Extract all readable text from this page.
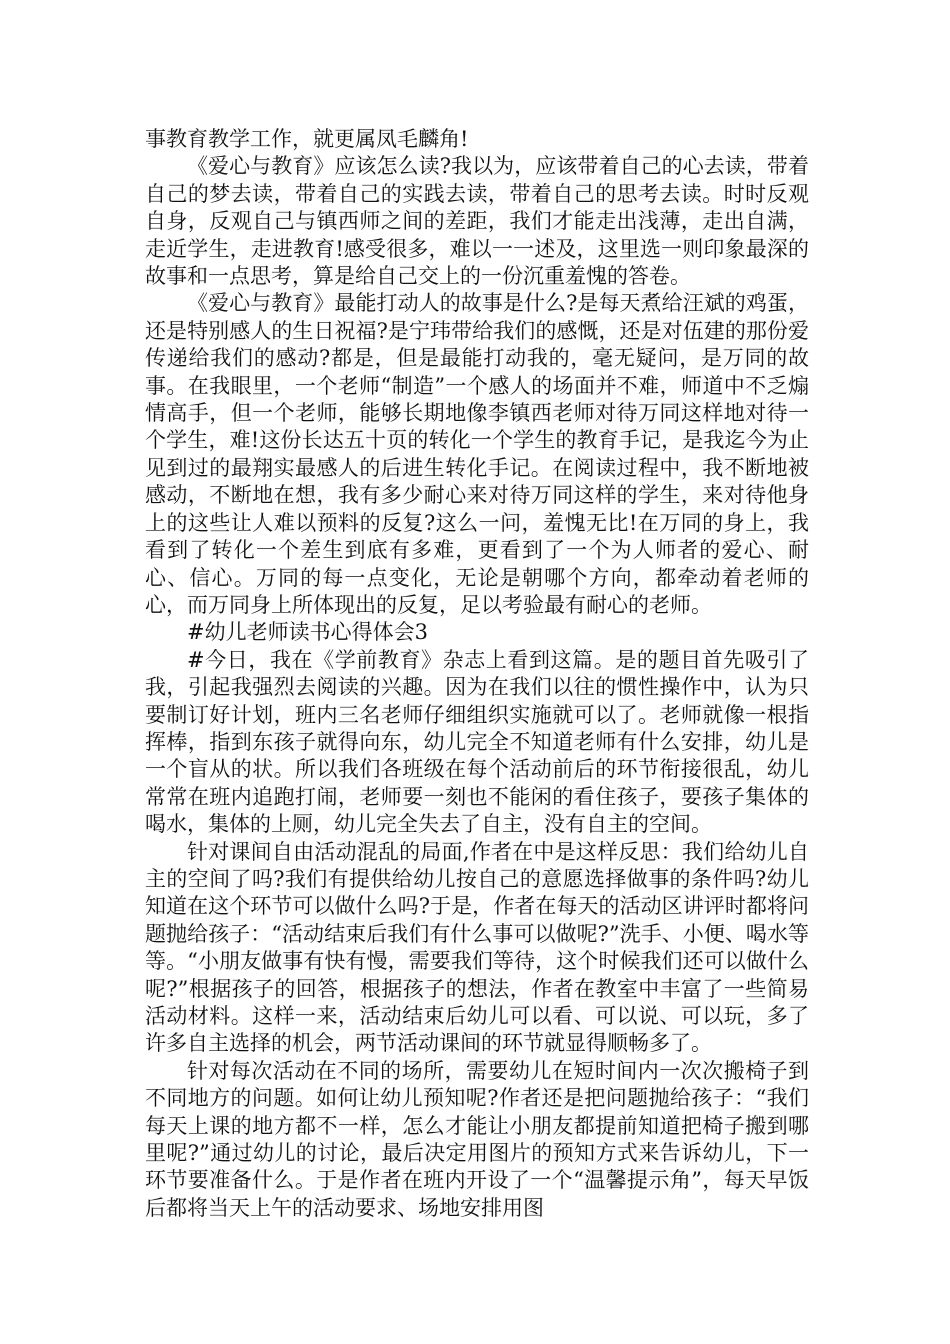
事教育教学工作，就更属凤毛麟角!

《爱心与教育》应该怎么读?我以为，应该带着自己的心去读，带着自己的梦去读，带着自己的实践去读，带着自己的思考去读。时时反观自身，反观自己与镇西师之间的差距，我们才能走出浅薄，走出自满，走近学生，走进教育!感受很多，难以一一述及，这里选一则印象最深的故事和一点思考，算是给自己交上的一份沉重羞愧的答卷。

《爱心与教育》最能打动人的故事是什么?是每天煮给汪斌的鸡蛋，还是特别感人的生日祝福?是宁玮带给我们的感慨，还是对伍建的那份爱传递给我们的感动?都是，但是最能打动我的，毫无疑问，是万同的故事。在我眼里，一个老师“制造”一个感人的场面并不难，师道中不乏煽情高手，但一个老师，能够长期地像李镇西老师对待万同这样地对待一个学生，难!这份长达五十页的转化一个学生的教育手记，是我迄今为止见到过的最翔实最感人的后进生转化手记。在阅读过程中，我不断地被感动，不断地在想，我有多少耐心来对待万同这样的学生，来对待他身上的这些让人难以预料的反复?这么一问，羞愧无比!在万同的身上，我看到了转化一个差生到底有多难，更看到了一个为人师者的爱心、耐心、信心。万同的每一点变化，无论是朝哪个方向，都牵动着老师的心，而万同身上所体现出的反复，足以考验最有耐心的老师。

#幼儿老师读书心得体会3

#今日，我在《学前教育》杂志上看到这篇。是的题目首先吸引了我，引起我强烈去阅读的兴趣。因为在我们以往的惯性操作中，认为只要制订好计划，班内三名老师仔细组织实施就可以了。老师就像一根指挥棒，指到东孩子就得向东，幼儿完全不知道老师有什么安排，幼儿是一个盲从的状。所以我们各班级在每个活动前后的环节衔接很乱，幼儿常常在班内追跑打闹，老师要一刻也不能闲的看住孩子，要孩子集体的喝水，集体的上厕，幼儿完全失去了自主，没有自主的空间。

针对课间自由活动混乱的局面,作者在中是这样反思：我们给幼儿自主的空间了吗?我们有提供给幼儿按自己的意愿选择做事的条件吗?幼儿知道在这个环节可以做什么吗?于是，作者在每天的活动区讲评时都将问题抛给孩子：“活动结束后我们有什么事可以做呢?”洗手、小便、喝水等等。“小朋友做事有快有慢，需要我们等待，这个时候我们还可以做什么呢?”根据孩子的回答，根据孩子的想法，作者在教室中丰富了一些简易活动材料。这样一来，活动结束后幼儿可以看、可以说、可以玩，多了许多自主选择的机会，两节活动课间的环节就显得顺畅多了。

针对每次活动在不同的场所，需要幼儿在短时间内一次次搬椅子到不同地方的问题。如何让幼儿预知呢?作者还是把问题抛给孩子：“我们每天上课的地方都不一样，怎么才能让小朋友都提前知道把椅子搬到哪里呢?”通过幼儿的讨论，最后决定用图片的预知方式来告诉幼儿，下一环节要准备什么。于是作者在班内开设了一个“温馨提示角”，每天早饭后都将当天上午的活动要求、场地安排用图
